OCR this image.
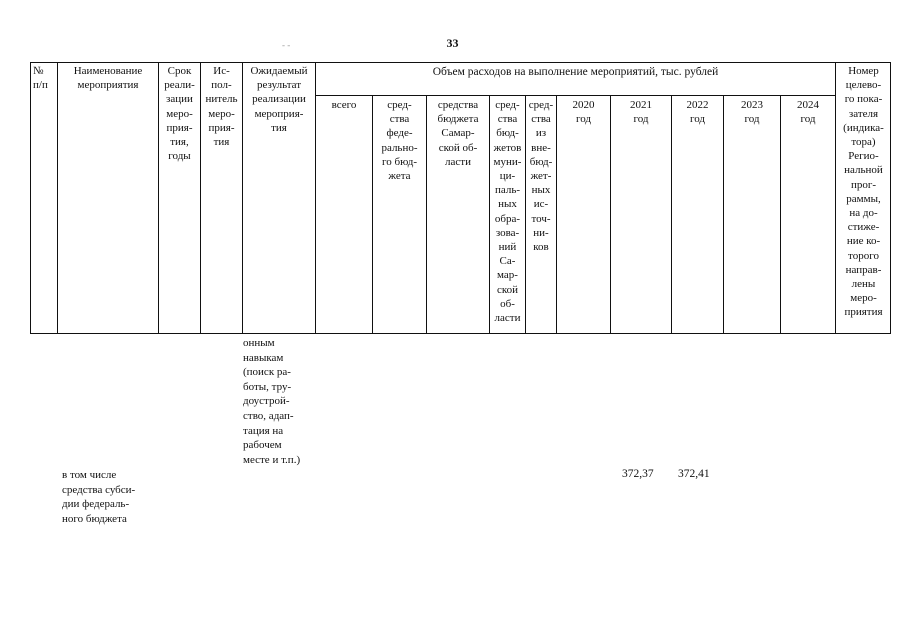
33
- -

№
п/п

Наименование
мероприятия

Срок
реали-
зации
меро-
прия-
тия,
годы

Ис-
пол-
нитель
меро-
прия-
тия

Ожидаемый
результат
реализации
мероприя-
тия

Объем расходов на выполнение мероприятий, тыс. рублей	Номер
целево-
го пока-
зателя
(индика-
тора)
Регио-
нальной
прог-
раммы,
на до-
стиже-
ние ко-
торого
направ-
лены
меро-
приятия

всего	сред-
ства
феде-
рально-
го бюд-
жета

средства
бюджета
Самар-
ской об-
ласти

сред-
ства
бюд-
жетов
муни-
ци-
паль-
ных
обра-
зова-
ний
Са-
мар-
ской
об-
ласти

сред-
ства
из
вне-
бюд-
жет-
ных
ис-
точ-
ни-
ков

2020
год

2021
год

2022
год

2023
год

2024
год

онным
навыкам
(поиск ра-
боты, тру-
доустрой-
ство, адап-
тация на
рабочем
месте и т.п.)

в том числе
средства субси-
дии федераль-
ного бюджета

372,37 372,41
